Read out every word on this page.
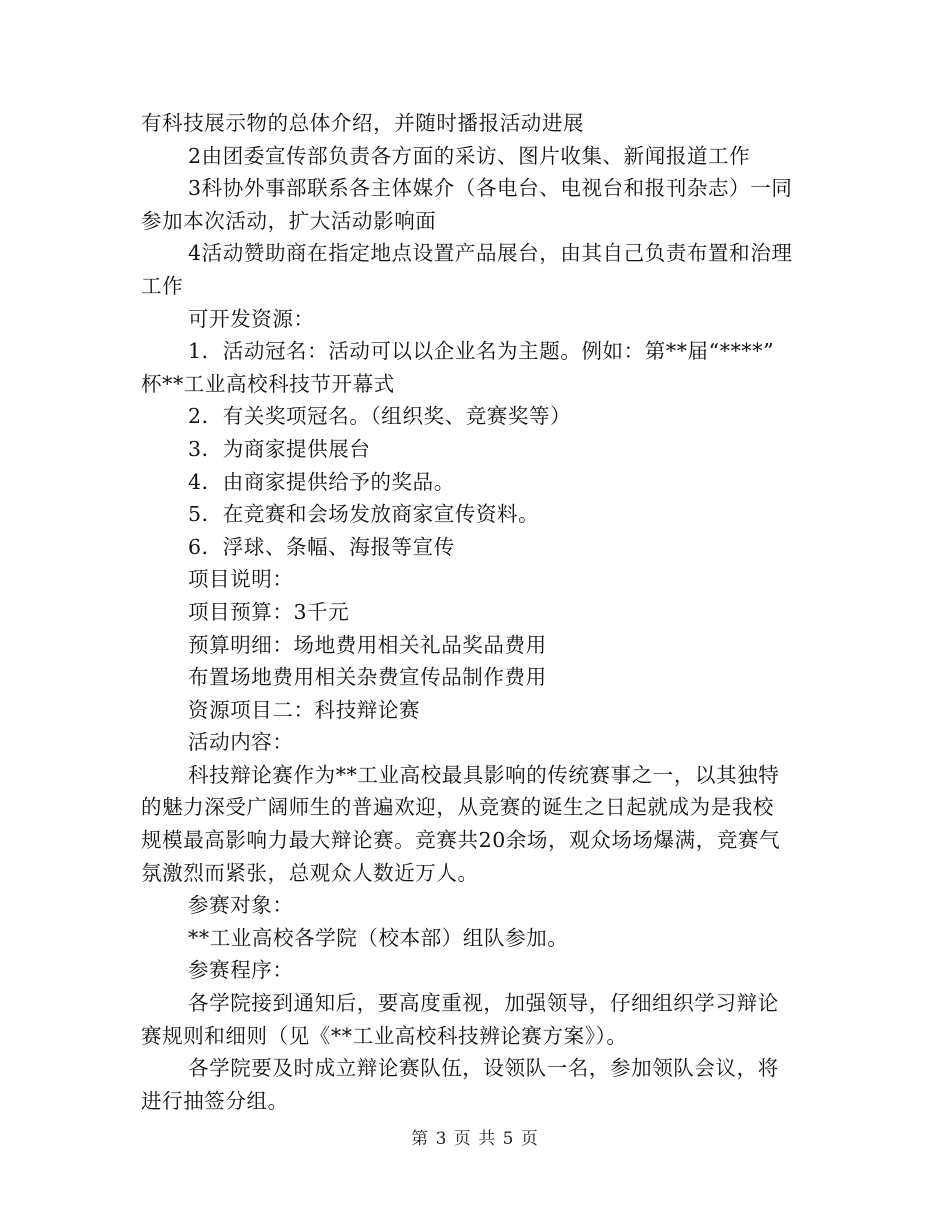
有科技展示物的总体介绍，并随时播报活动进展
2由团委宣传部负责各方面的采访、图片收集、新闻报道工作
3科协外事部联系各主体媒介（各电台、电视台和报刊杂志）一同
参加本次活动，扩大活动影响面
4活动赞助商在指定地点设置产品展台，由其自己负责布置和治理
工作
可开发资源：
1．活动冠名：活动可以以企业名为主题。例如：第**届“****”
杯**工业高校科技节开幕式
2．有关奖项冠名。（组织奖、竞赛奖等）
3．为商家提供展台
4．由商家提供给予的奖品。
5．在竞赛和会场发放商家宣传资料。
6．浮球、条幅、海报等宣传
项目说明：
项目预算：3千元
预算明细：场地费用相关礼品奖品费用
布置场地费用相关杂费宣传品制作费用
资源项目二：科技辩论赛
活动内容：
科技辩论赛作为**工业高校最具影响的传统赛事之一，以其独特
的魅力深受广阔师生的普遍欢迎，从竞赛的诞生之日起就成为是我校
规模最高影响力最大辩论赛。竞赛共20余场，观众场场爆满，竞赛气
氛激烈而紧张，总观众人数近万人。
参赛对象：
**工业高校各学院（校本部）组队参加。
参赛程序：
各学院接到通知后，要高度重视，加强领导，仔细组织学习辩论
赛规则和细则（见《**工业高校科技辨论赛方案》）。
各学院要及时成立辩论赛队伍，设领队一名，参加领队会议，将
进行抽签分组。
第 3 页 共 5 页
